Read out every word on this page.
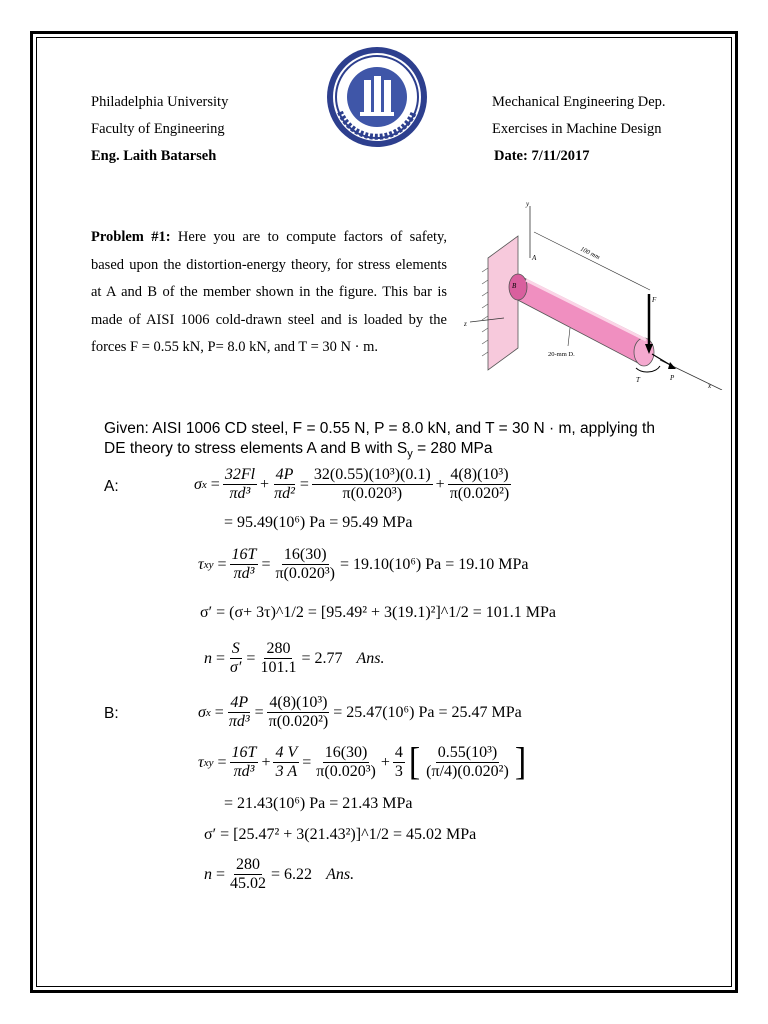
Philadelphia University
Faculty of Engineering
Eng. Laith Batarseh
Mechanical Engineering Dep.
Exercises in Machine Design
Date: 7/11/2017
Problem #1: Here you are to compute factors of safety, based upon the distortion-energy theory, for stress elements at A and B of the member shown in the figure. This bar is made of AISI 1006 cold-drawn steel and is loaded by the forces F = 0.55 kN, P= 8.0 kN, and T = 30 N · m.
y
z
x
F
P
T
A
B
100 mm
20-mm D.
Given: AISI 1006 CD steel, F = 0.55 N, P = 8.0 kN, and T = 30 N · m, applying th
DE theory to stress elements A and B with $S_y = 280$ MPa
A:	σ $x = \frac{32Fl}{\text{πd³}} + \frac{4P}{\text{πd²}} = \frac{\text{32(0.55)(10³)(0.1)}}{\text{π(0.020³)}} + \frac{\text{4(8)(10³)}}{\text{π(0.020²)}}$
= 95.49(10⁶) Pa = 95.49 MPa
τ xy = $\frac{16T}{\text{πd³}} = \frac{16(30)}{\text{π(0.020³)}} = 19.10(10^6) Pa = 19.10$ MPa
σ′ = (σ + 3τ )^1/2 = [95.49² + 3(19.1)²]^1/2 = 101.1 MPa
$n = \frac{S}{\sigma'} = \frac{280}{101.1} = 2.77$ Ans.
B:	σ $x = \frac{4P}{\text{πd³}} = \frac{\text{4(8)(10³)}}{\text{π(0.020²)}} = 25.47(10^6) Pa = 25.47$ MPa
τ xy = $\frac{16T}{\text{πd³}} + \frac{4 V}{3 A} = \frac{16(30)}{\text{π(0.020³)}} + \frac{4}{3}$ [ $\frac{\text{0.55(10³)}}{\text{(π/4)(0.020²)}}$ ]
= 21.43(10⁶) Pa = 21.43 MPa
σ′ = [25.47² + 3(21.43²)]^1/2 = 45.02 MPa
$n = \frac{280}{45.02} = 6.22$ Ans.
